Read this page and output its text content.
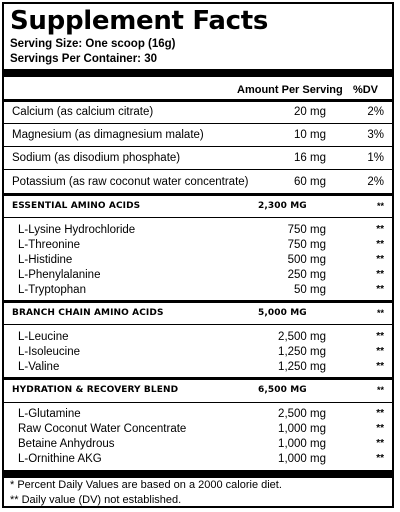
Supplement Facts
Serving Size: One scoop (16g)
Servings Per Container: 30
Amount Per Serving %DV
Calcium (as calcium citrate)	20 mg	2%
Magnesium (as dimagnesium malate)	10 mg	3%
Sodium (as disodium phosphate)	16 mg	1%
Potassium (as raw coconut water concentrate)	60 mg	2%
ESSENTIAL AMINO ACIDS	2,300 MG	**
L-Lysine Hydrochloride	750 mg	**
L-Threonine	750 mg	**
L-Histidine	500 mg	**
L-Phenylalanine	250 mg	**
L-Tryptophan	50 mg	**
BRANCH CHAIN AMINO ACIDS	5,000 MG	**
L-Leucine	2,500 mg	**
L-Isoleucine	1,250 mg	**
L-Valine	1,250 mg	**
HYDRATION & RECOVERY BLEND	6,500 MG	**
L-Glutamine	2,500 mg	**
Raw Coconut Water Concentrate	1,000 mg	**
Betaine Anhydrous	1,000 mg	**
L-Ornithine AKG	1,000 mg	**
* Percent Daily Values are based on a 2000 calorie diet.
** Daily value (DV) not established.
